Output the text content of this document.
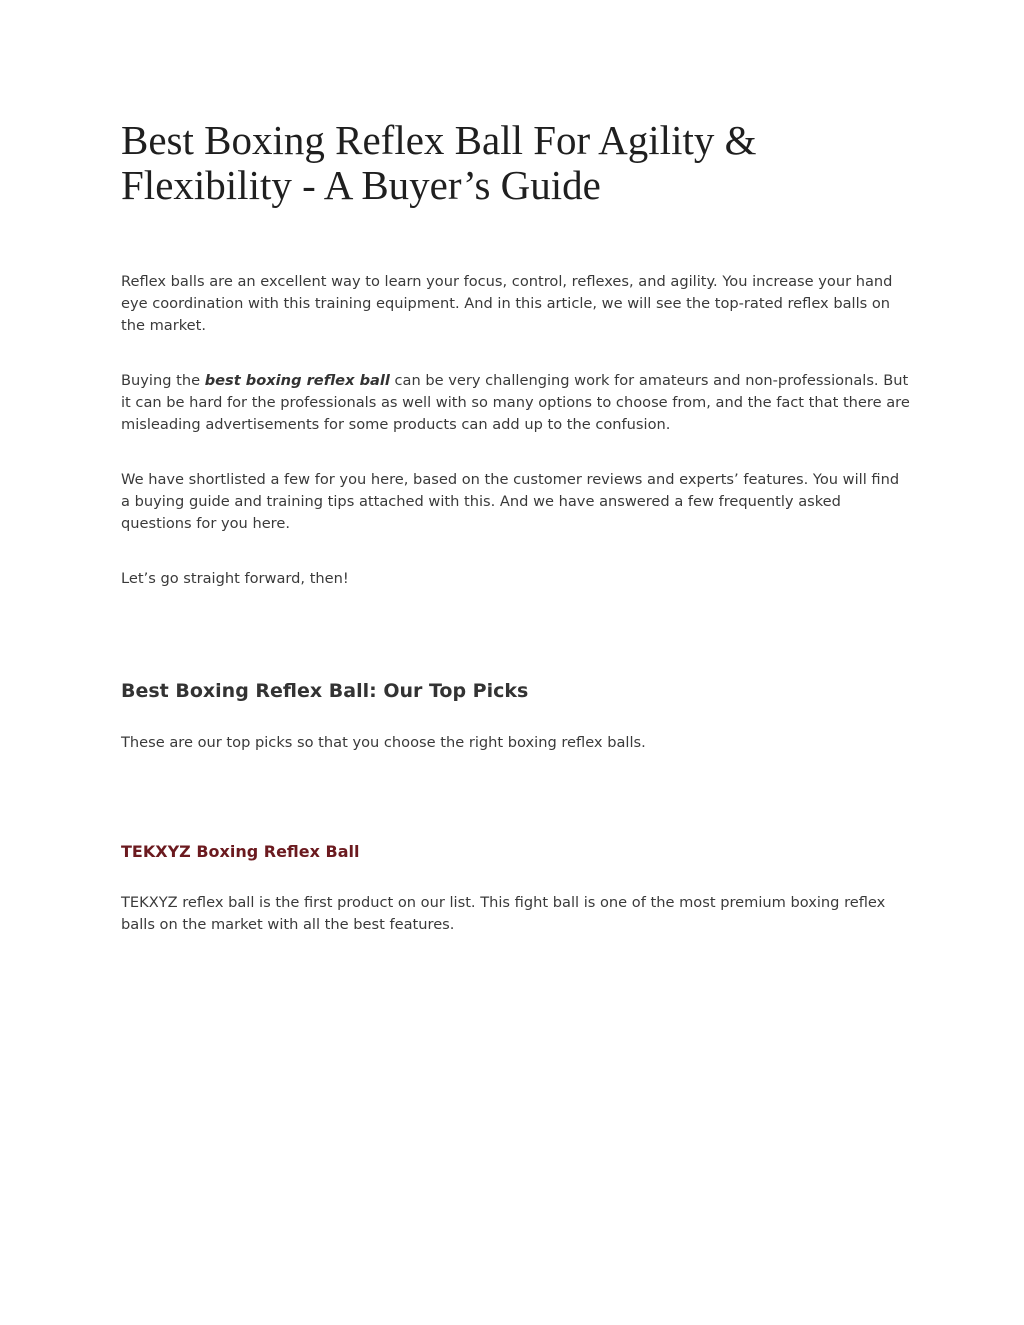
Best Boxing Reflex Ball For Agility & Flexibility - A Buyer’s Guide

Reflex balls are an excellent way to learn your focus, control, reflexes, and agility. You increase your hand eye coordination with this training equipment. And in this article, we will see the top-rated reflex balls on the market.

Buying the best boxing reflex ball can be very challenging work for amateurs and non-professionals. But it can be hard for the professionals as well with so many options to choose from, and the fact that there are misleading advertisements for some products can add up to the confusion.

We have shortlisted a few for you here, based on the customer reviews and experts’ features. You will find a buying guide and training tips attached with this. And we have answered a few frequently asked questions for you here.

Let’s go straight forward, then!

Best Boxing Reflex Ball: Our Top Picks

These are our top picks so that you choose the right boxing reflex balls.

TEKXYZ Boxing Reflex Ball

TEKXYZ reflex ball is the first product on our list. This fight ball is one of the most premium boxing reflex balls on the market with all the best features.
